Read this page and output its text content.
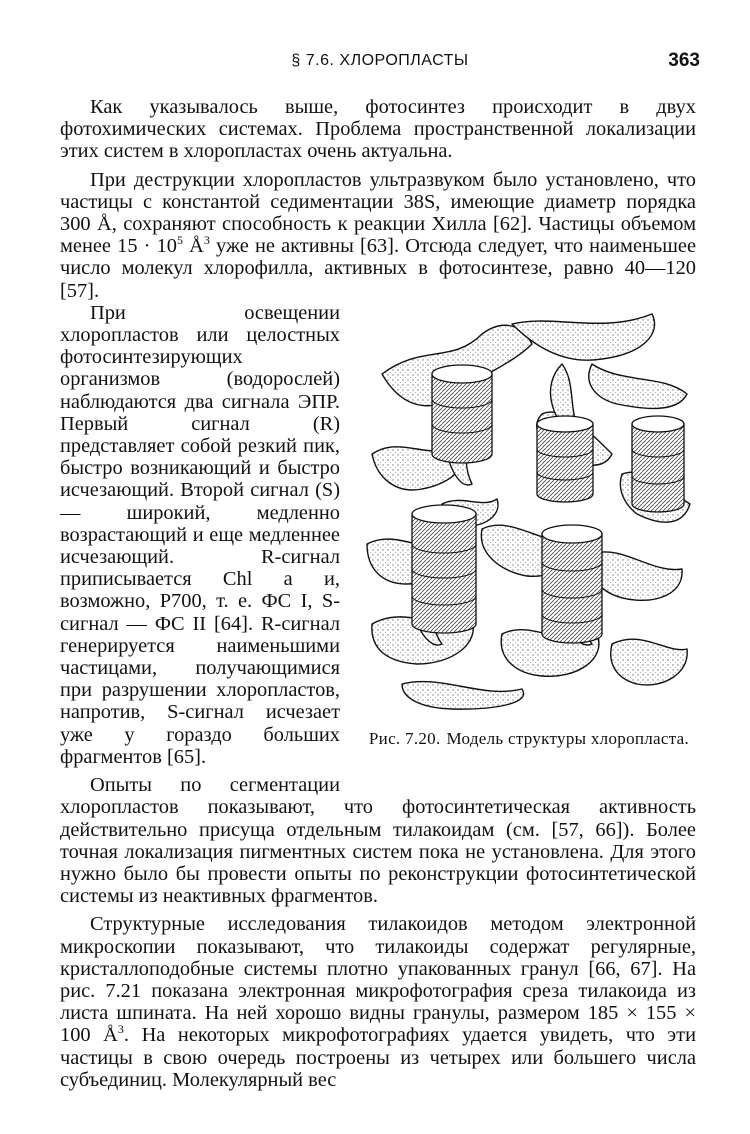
§ 7.6. ХЛОРОПЛАСТЫ	363

Как указывалось выше, фотосинтез происходит в двух фотохимических системах. Проблема пространственной локализации этих систем в хлоропластах очень актуальна.

При деструкции хлоропластов ультразвуком было установлено, что частицы с константой седиментации 38S, имеющие диаметр порядка 300 Å, сохраняют способность к реакции Хилла [62]. Частицы объемом менее $15 \cdot 10^5$ $Å^3$ уже не активны [63]. Отсюда следует, что наименьшее число молекул хлорофилла, активных в фотосинтезе, равно 40—120 [57].

Рис. 7.20. Модель структуры хлоропласта.

При освещении хлоропластов или целостных фотосинтезирующих организмов (водорослей) наблюдаются два сигнала ЭПР. Первый сигнал (R) представляет собой резкий пик, быстро возникающий и быстро исчезающий. Второй сигнал (S) — широкий, медленно возрастающий и еще медленнее исчезающий. R-сигнал приписывается Chl a и, возможно, P700, т. е. ФС I, S-сигнал — ФС II [64]. R-сигнал генерируется наименьшими частицами, получающимися при разрушении хлоропластов, напротив, S-сигнал исчезает уже у гораздо больших фрагментов [65].

Опыты по сегментации хлоропластов показывают, что фотосинтетическая активность действительно присуща отдельным тилакоидам (см. [57, 66]). Более точная локализация пигментных систем пока не установлена. Для этого нужно было бы провести опыты по реконструкции фотосинтетической системы из неактивных фрагментов.

Структурные исследования тилакоидов методом электронной микроскопии показывают, что тилакоиды содержат регулярные, кристаллоподобные системы плотно упакованных гранул [66, 67]. На рис. 7.21 показана электронная микрофотография среза тилакоида из листа шпината. На ней хорошо видны гранулы, размером 185 × 155 × 100 $Å^3$. На некоторых микрофотографиях удается увидеть, что эти частицы в свою очередь построены из четырех или большего числа субъединиц. Молекулярный вес
